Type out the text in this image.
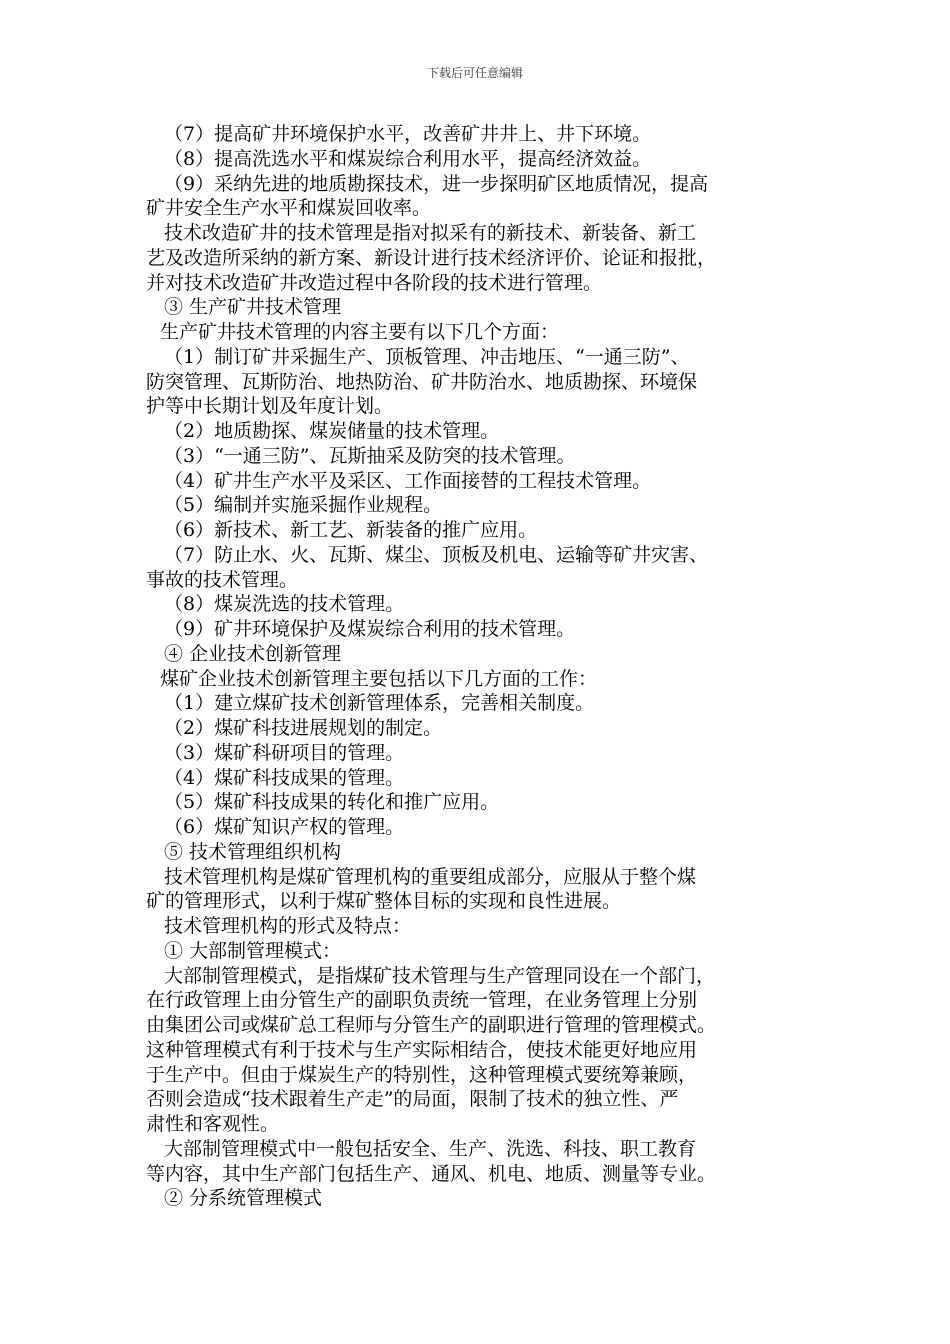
下载后可任意编辑
（7）提高矿井环境保护水平，改善矿井井上、井下环境。
（8）提高洗选水平和煤炭综合利用水平，提高经济效益。
（9）采纳先进的地质勘探技术，进一步探明矿区地质情况，提高
矿井安全生产水平和煤炭回收率。
技术改造矿井的技术管理是指对拟采有的新技术、新装备、新工
艺及改造所采纳的新方案、新设计进行技术经济评价、论证和报批，
并对技术改造矿井改造过程中各阶段的技术进行管理。
③ 生产矿井技术管理
生产矿井技术管理的内容主要有以下几个方面：
（1）制订矿井采掘生产、顶板管理、冲击地压、“一通三防”、
防突管理、瓦斯防治、地热防治、矿井防治水、地质勘探、环境保
护等中长期计划及年度计划。
（2）地质勘探、煤炭储量的技术管理。
（3）“一通三防”、瓦斯抽采及防突的技术管理。
（4）矿井生产水平及采区、工作面接替的工程技术管理。
（5）编制并实施采掘作业规程。
（6）新技术、新工艺、新装备的推广应用。
（7）防止水、火、瓦斯、煤尘、顶板及机电、运输等矿井灾害、
事故的技术管理。
（8）煤炭洗选的技术管理。
（9）矿井环境保护及煤炭综合利用的技术管理。
④ 企业技术创新管理
煤矿企业技术创新管理主要包括以下几方面的工作：
（1）建立煤矿技术创新管理体系，完善相关制度。
（2）煤矿科技进展规划的制定。
（3）煤矿科研项目的管理。
（4）煤矿科技成果的管理。
（5）煤矿科技成果的转化和推广应用。
（6）煤矿知识产权的管理。
⑤ 技术管理组织机构
技术管理机构是煤矿管理机构的重要组成部分，应服从于整个煤
矿的管理形式，以利于煤矿整体目标的实现和良性进展。
技术管理机构的形式及特点：
① 大部制管理模式：
大部制管理模式，是指煤矿技术管理与生产管理同设在一个部门，
在行政管理上由分管生产的副职负责统一管理，在业务管理上分别
由集团公司或煤矿总工程师与分管生产的副职进行管理的管理模式。
这种管理模式有利于技术与生产实际相结合，使技术能更好地应用
于生产中。但由于煤炭生产的特别性，这种管理模式要统筹兼顾，
否则会造成“技术跟着生产走”的局面，限制了技术的独立性、严
肃性和客观性。
大部制管理模式中一般包括安全、生产、洗选、科技、职工教育
等内容，其中生产部门包括生产、通风、机电、地质、测量等专业。
② 分系统管理模式
